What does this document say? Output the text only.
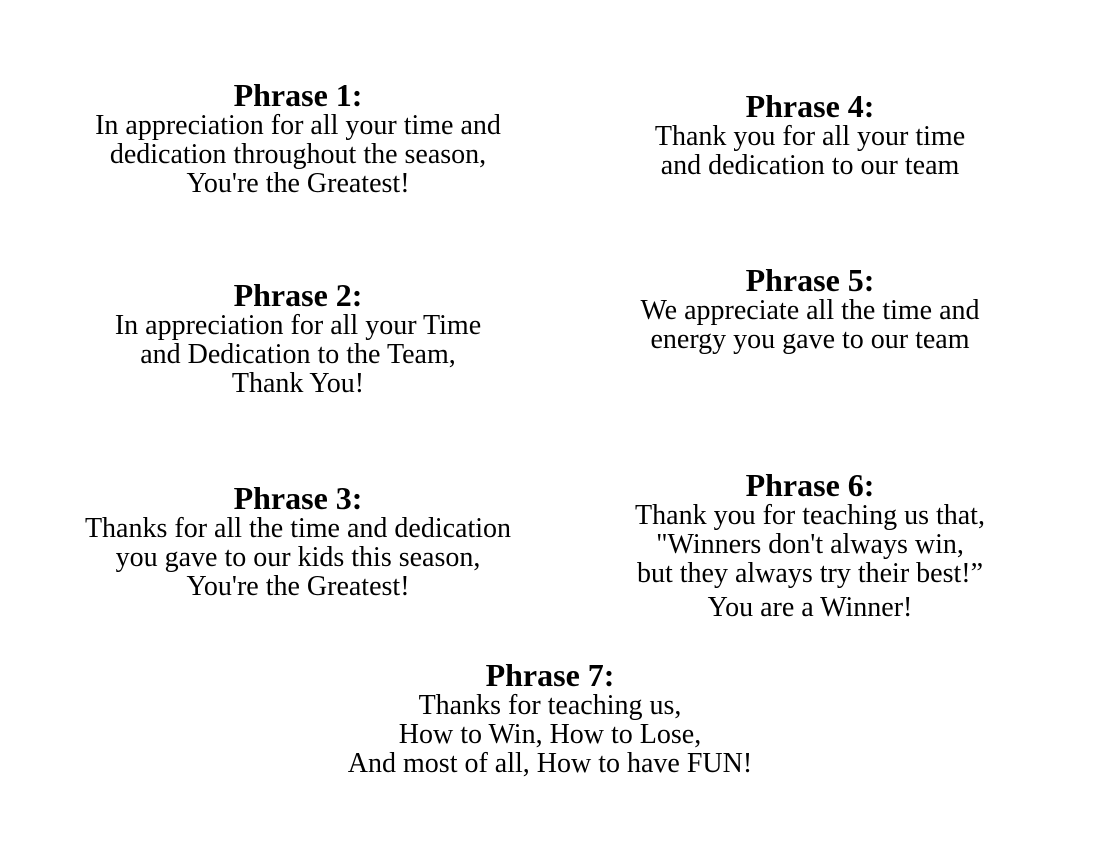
Phrase 1:
In appreciation for all your time and
dedication throughout the season,
You're the Greatest!
Phrase 2:
In appreciation for all your Time
and Dedication to the Team,
Thank You!
Phrase 3:
Thanks for all the time and dedication
you gave to our kids this season,
You're the Greatest!
Phrase 4:
Thank you for all your time
and dedication to our team
Phrase 5:
We appreciate all the time and
energy you gave to our team
Phrase 6:
Thank you for teaching us that,
"Winners don't always win,
but they always try their best!”
You are a Winner!
Phrase 7:
Thanks for teaching us,
How to Win, How to Lose,
And most of all, How to have FUN!
